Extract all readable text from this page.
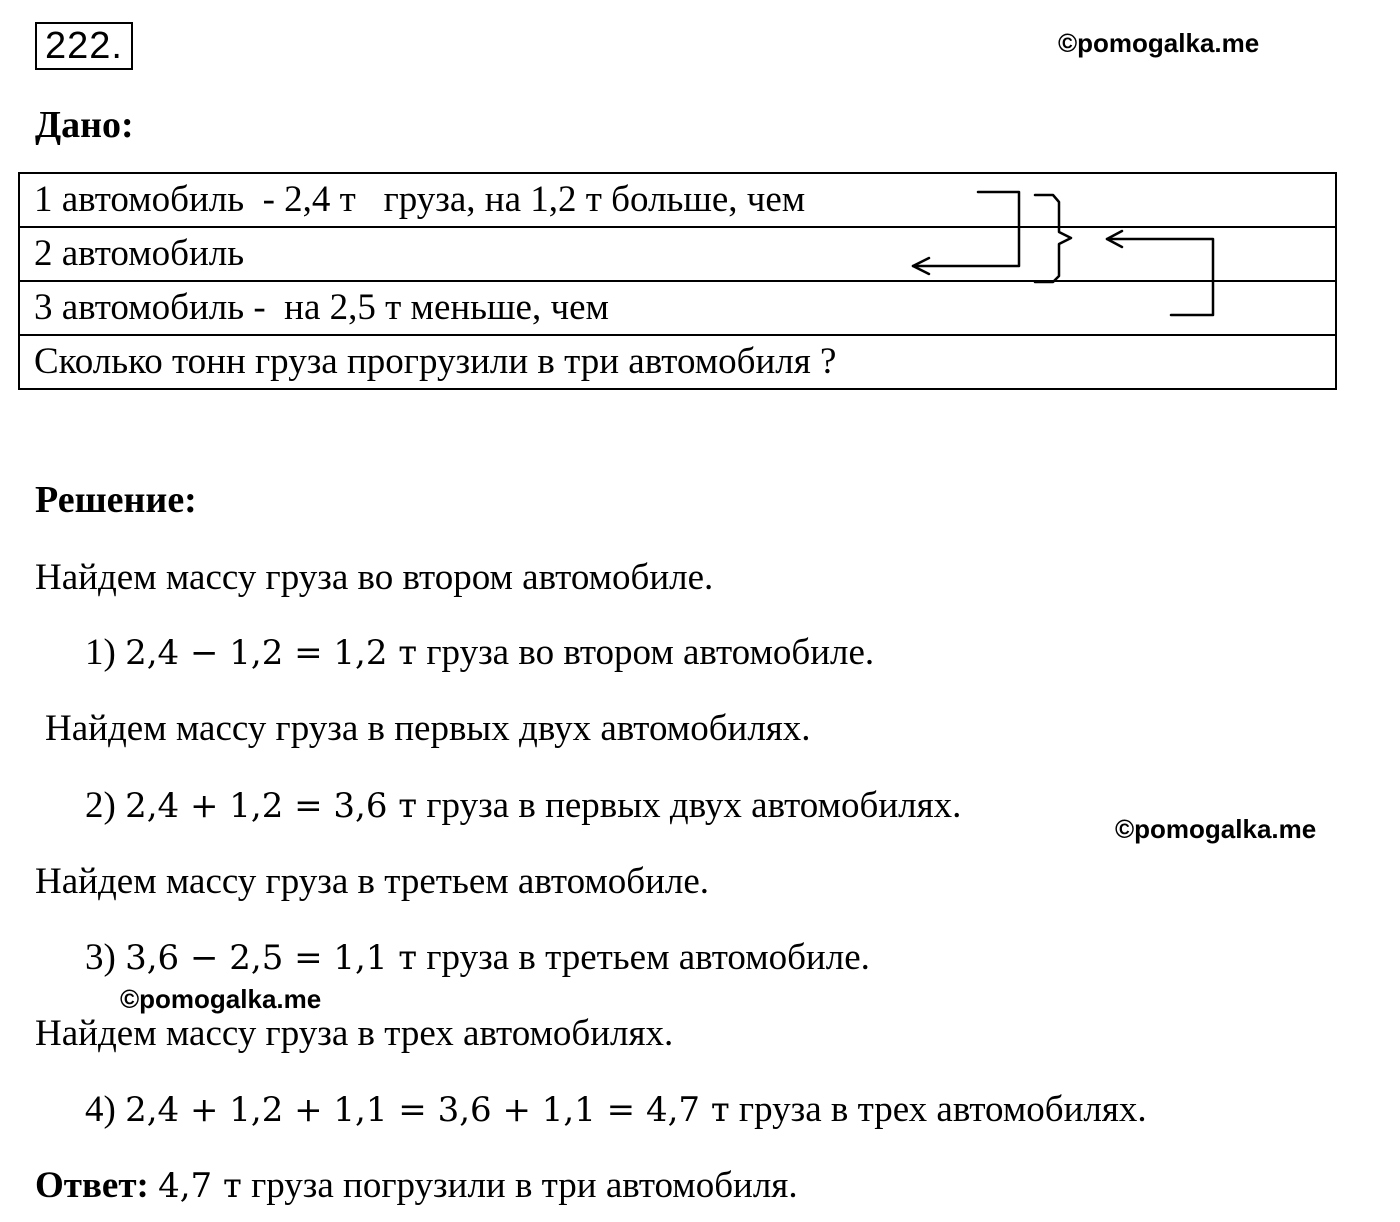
222.	©pomogalka.me
Дано:
1 автомобиль  - 2,4 т   груза, на 1,2 т больше, чем
2 автомобиль
3 автомобиль -  на 2,5 т меньше, чем
Сколько тонн груза прогрузили в три автомобиля ?
Решение:
Найдем массу груза во втором автомобиле.
1) 2,4 − 1,2 = 1,2 т груза во втором автомобиле.
Найдем массу груза в первых двух автомобилях.
2) 2,4 + 1,2 = 3,6 т груза в первых двух автомобилях.
©pomogalka.me
Найдем массу груза в третьем автомобиле.
3) 3,6 − 2,5 = 1,1 т груза в третьем автомобиле.
©pomogalka.me
Найдем массу груза в трех автомобилях.
4) 2,4 + 1,2 + 1,1 = 3,6 + 1,1 = 4,7 т груза в трех автомобилях.
Ответ: 4,7 т груза погрузили в три автомобиля.
